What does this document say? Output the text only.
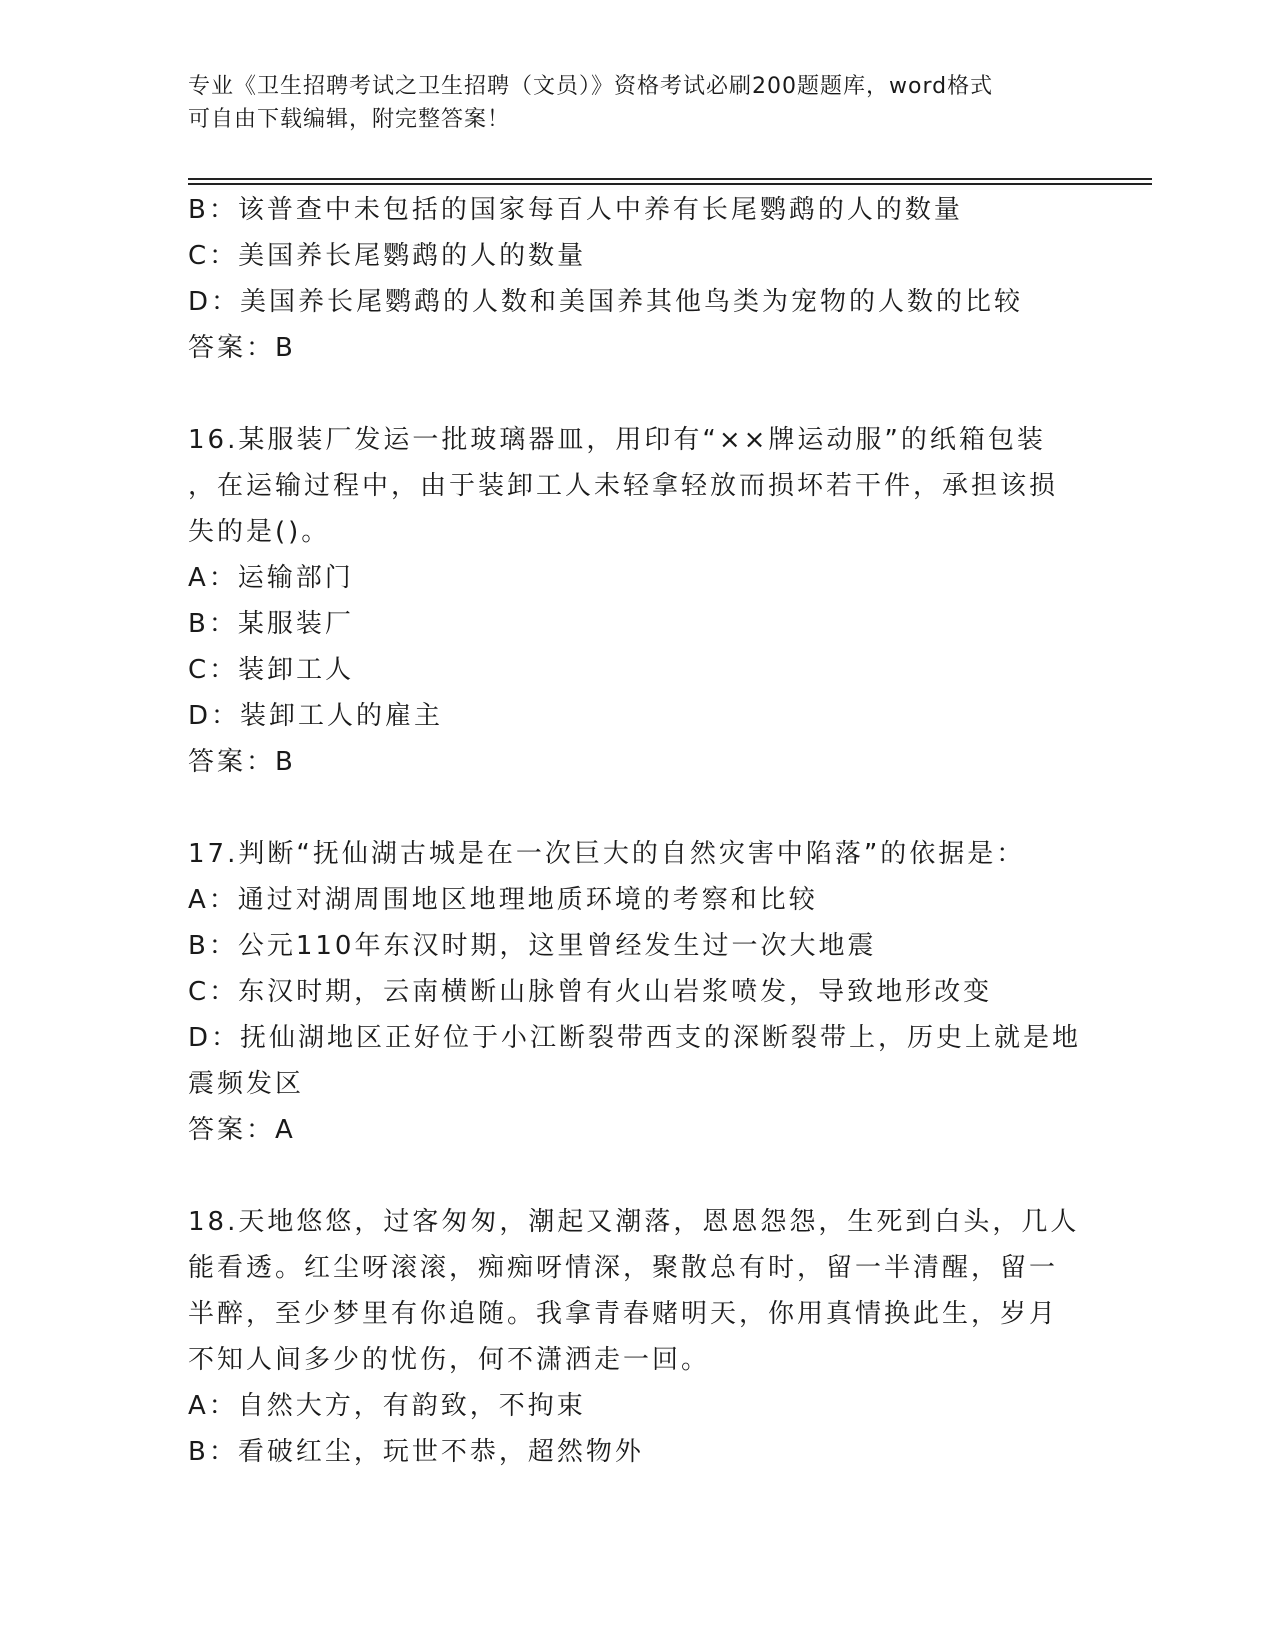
专业《卫生招聘考试之卫生招聘（文员）》资格考试必刷200题题库，word格式
可自由下载编辑，附完整答案！
B：该普查中未包括的国家每百人中养有长尾鹦鹉的人的数量
C：美国养长尾鹦鹉的人的数量
D：美国养长尾鹦鹉的人数和美国养其他鸟类为宠物的人数的比较
答案：B
16.某服装厂发运一批玻璃器皿，用印有“××牌运动服”的纸箱包装
，在运输过程中，由于装卸工人未轻拿轻放而损坏若干件，承担该损
失的是()。
A：运输部门
B：某服装厂
C：装卸工人
D：装卸工人的雇主
答案：B
17.判断“抚仙湖古城是在一次巨大的自然灾害中陷落”的依据是：
A：通过对湖周围地区地理地质环境的考察和比较
B：公元110年东汉时期，这里曾经发生过一次大地震
C：东汉时期，云南横断山脉曾有火山岩浆喷发，导致地形改变
D：抚仙湖地区正好位于小江断裂带西支的深断裂带上，历史上就是地
震频发区
答案：A
18.天地悠悠，过客匆匆，潮起又潮落，恩恩怨怨，生死到白头，几人
能看透。红尘呀滚滚，痴痴呀情深，聚散总有时，留一半清醒，留一
半醉，至少梦里有你追随。我拿青春赌明天，你用真情换此生，岁月
不知人间多少的忧伤，何不潇洒走一回。
A：自然大方，有韵致，不拘束
B：看破红尘，玩世不恭，超然物外
